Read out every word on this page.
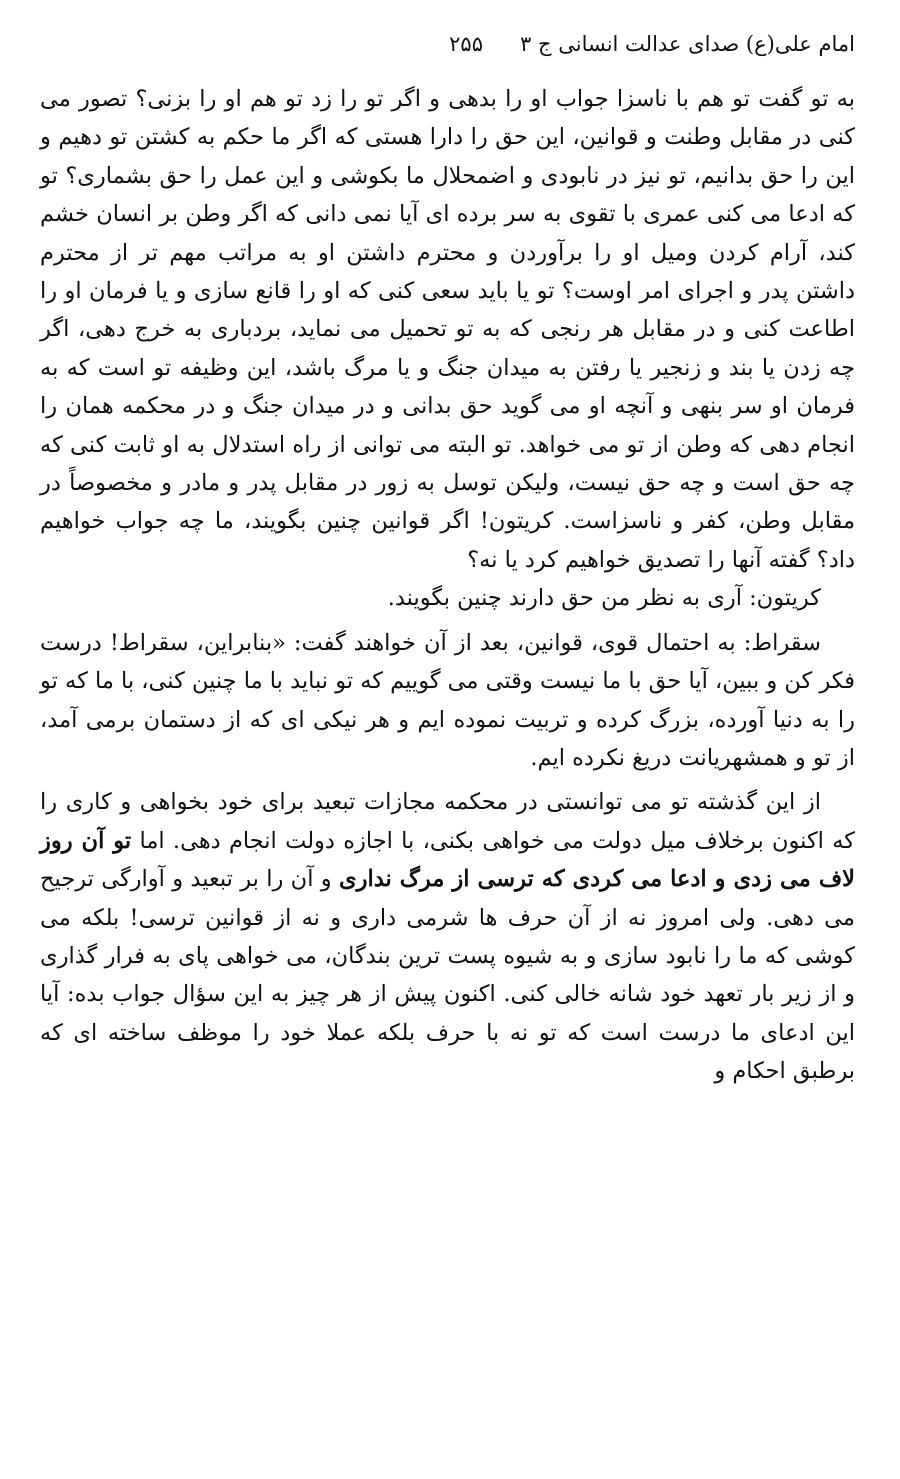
امام علی(ع) صدای عدالت انسانی ج ۳
۲۵۵

به تو گفت تو هم با ناسزا جواب او را بدهی و اگر تو را زد تو هم او را بزنی؟ تصور می کنی در مقابل وطنت و قوانین، این حق را دارا هستی که اگر ما حکم به کشتن تو دهیم و این را حق بدانیم، تو نیز در نابودی و اضمحلال ما بکوشی و این عمل را حق بشماری؟ تو که ادعا می کنی عمری با تقوی به سر برده ای آیا نمی دانی که اگر وطن بر انسان خشم کند، آرام کردن ومیل او را برآوردن و محترم داشتن او به مراتب مهم تر از محترم داشتن پدر و اجرای امر اوست؟ تو یا باید سعی کنی که او را قانع سازی و یا فرمان او را اطاعت کنی و در مقابل هر رنجی که به تو تحمیل می نماید، بردباری به خرج دهی، اگر چه زدن یا بند و زنجیر یا رفتن به میدان جنگ و یا مرگ باشد، این وظیفه تو است که به فرمان او سر بنهی و آنچه او می گوید حق بدانی و در میدان جنگ و در محکمه همان را انجام دهی که وطن از تو می خواهد. تو البته می توانی از راه استدلال به او ثابت کنی که چه حق است و چه حق نیست، ولیکن توسل به زور در مقابل پدر و مادر و مخصوصاً در مقابل وطن، کفر و ناسزاست. کریتون! اگر قوانین چنین بگویند، ما چه جواب خواهیم داد؟ گفته آنها را تصدیق خواهیم کرد یا نه؟

کریتون: آری به نظر من حق دارند چنین بگویند.

سقراط: به احتمال قوی، قوانین، بعد از آن خواهند گفت: «بنابراین، سقراط! درست فکر کن و ببین، آیا حق با ما نیست وقتی می گوییم که تو نباید با ما چنین کنی، با ما که تو را به دنیا آورده، بزرگ کرده و تربیت نموده ایم و هر نیکی ای که از دستمان برمی آمد، از تو و همشهریانت دریغ نکرده ایم.

از این گذشته تو می توانستی در محکمه مجازات تبعید برای خود بخواهی و کاری را که اکنون برخلاف میل دولت می خواهی بکنی، با اجازه دولت انجام دهی. اما تو آن روز لاف می زدی و ادعا می کردی که ترسی از مرگ نداری و آن را بر تبعید و آوارگی ترجیح می دهی. ولی امروز نه از آن حرف ها شرمی داری و نه از قوانین ترسی! بلکه می کوشی که ما را نابود سازی و به شیوه پست ترین بندگان، می خواهی پای به فرار گذاری و از زیر بار تعهد خود شانه خالی کنی. اکنون پیش از هر چیز به این سؤال جواب بده: آیا این ادعای ما درست است که تو نه با حرف بلکه عملا خود را موظف ساخته ای که برطبق احکام و
